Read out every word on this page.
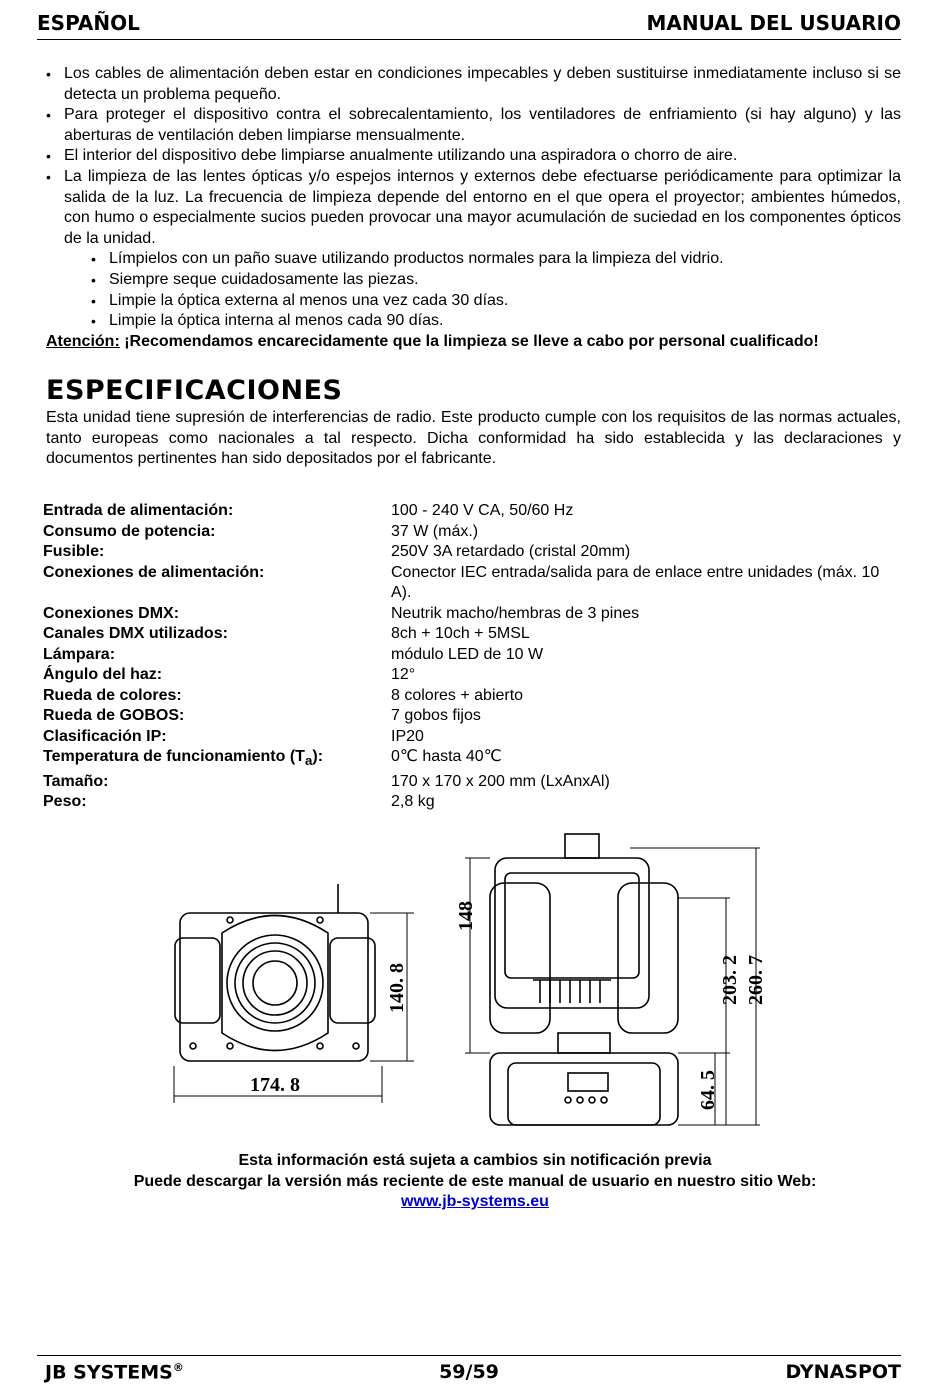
ESPAÑOL	MANUAL DEL USUARIO
• Los cables de alimentación deben estar en condiciones impecables y deben sustituirse inmediatamente incluso si se detecta un problema pequeño.
• Para proteger el dispositivo contra el sobrecalentamiento, los ventiladores de enfriamiento (si hay alguno) y las aberturas de ventilación deben limpiarse mensualmente.
• El interior del dispositivo debe limpiarse anualmente utilizando una aspiradora o chorro de aire.
• La limpieza de las lentes ópticas y/o espejos internos y externos debe efectuarse periódicamente para optimizar la salida de la luz. La frecuencia de limpieza depende del entorno en el que opera el proyector; ambientes húmedos, con humo o especialmente sucios pueden provocar una mayor acumulación de suciedad en los componentes ópticos de la unidad.
• Límpielos con un paño suave utilizando productos normales para la limpieza del vidrio.
• Siempre seque cuidadosamente las piezas.
• Limpie la óptica externa al menos una vez cada 30 días.
• Limpie la óptica interna al menos cada 90 días.
Atención: ¡Recomendamos encarecidamente que la limpieza se lleve a cabo por personal cualificado!
ESPECIFICACIONES
Esta unidad tiene supresión de interferencias de radio. Este producto cumple con los requisitos de las normas actuales, tanto europeas como nacionales a tal respecto. Dicha conformidad ha sido establecida y las declaraciones y documentos pertinentes han sido depositados por el fabricante.
Entrada de alimentación:	100 - 240 V CA, 50/60 Hz
Consumo de potencia:	37 W (máx.)
Fusible:	250V 3A retardado (cristal 20mm)
Conexiones de alimentación:	Conector IEC entrada/salida para de enlace entre unidades (máx. 10 A).
Conexiones DMX:	Neutrik macho/hembras de 3 pines
Canales DMX utilizados:	8ch + 10ch + 5MSL
Lámpara:	módulo LED de 10 W
Ángulo del haz:	12°
Rueda de colores:	8 colores + abierto
Rueda de GOBOS:	7 gobos fijos
Clasificación IP:	IP20
Temperatura de funcionamiento $(T_a)$:	0℃ hasta 40℃
Tamaño:	170 x 170 x 200 mm (LxAnxAl)
Peso:	2,8 kg
174. 8
140. 8
148
203. 2 260. 7
64. 5
Esta información está sujeta a cambios sin notificación previa
Puede descargar la versión más reciente de este manual de usuario en nuestro sitio Web:
www.jb-systems.eu
JB SYSTEMS®	59/59	DYNASPOT
